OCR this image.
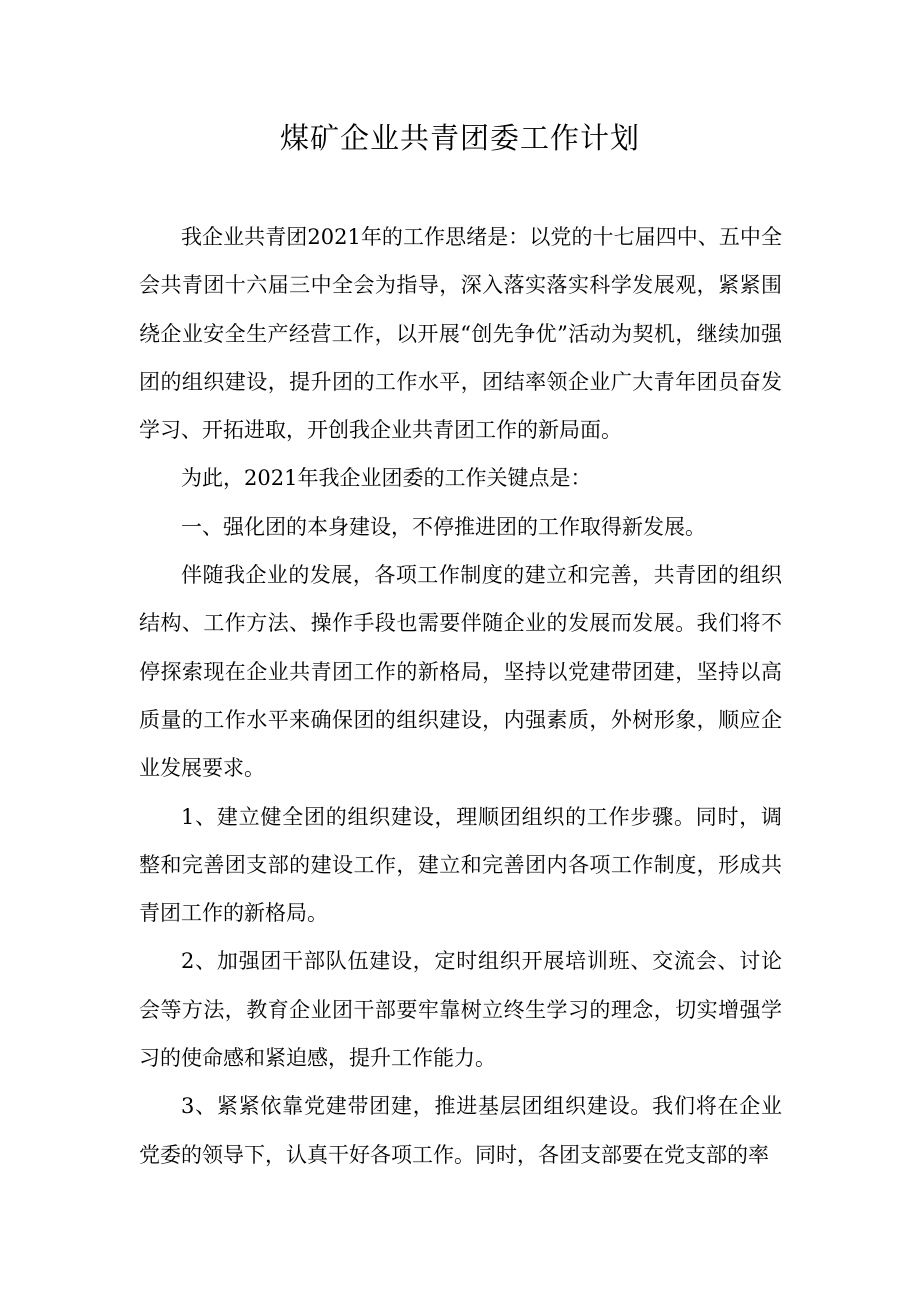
煤矿企业共青团委工作计划

我企业共青团2021年的工作思绪是：以党的十七届四中、五中全会共青团十六届三中全会为指导，深入落实落实科学发展观，紧紧围绕企业安全生产经营工作，以开展“创先争优”活动为契机，继续加强团的组织建设，提升团的工作水平，团结率领企业广大青年团员奋发学习、开拓进取，开创我企业共青团工作的新局面。

为此，2021年我企业团委的工作关键点是：

一、强化团的本身建设，不停推进团的工作取得新发展。

伴随我企业的发展，各项工作制度的建立和完善，共青团的组织结构、工作方法、操作手段也需要伴随企业的发展而发展。我们将不停探索现在企业共青团工作的新格局，坚持以党建带团建，坚持以高质量的工作水平来确保团的组织建设，内强素质，外树形象，顺应企业发展要求。

1、建立健全团的组织建设，理顺团组织的工作步骤。同时，调整和完善团支部的建设工作，建立和完善团内各项工作制度，形成共青团工作的新格局。

2、加强团干部队伍建设，定时组织开展培训班、交流会、讨论会等方法，教育企业团干部要牢靠树立终生学习的理念，切实增强学习的使命感和紧迫感，提升工作能力。

3、紧紧依靠党建带团建，推进基层团组织建设。我们将在企业党委的领导下，认真干好各项工作。同时，各团支部要在党支部的率
